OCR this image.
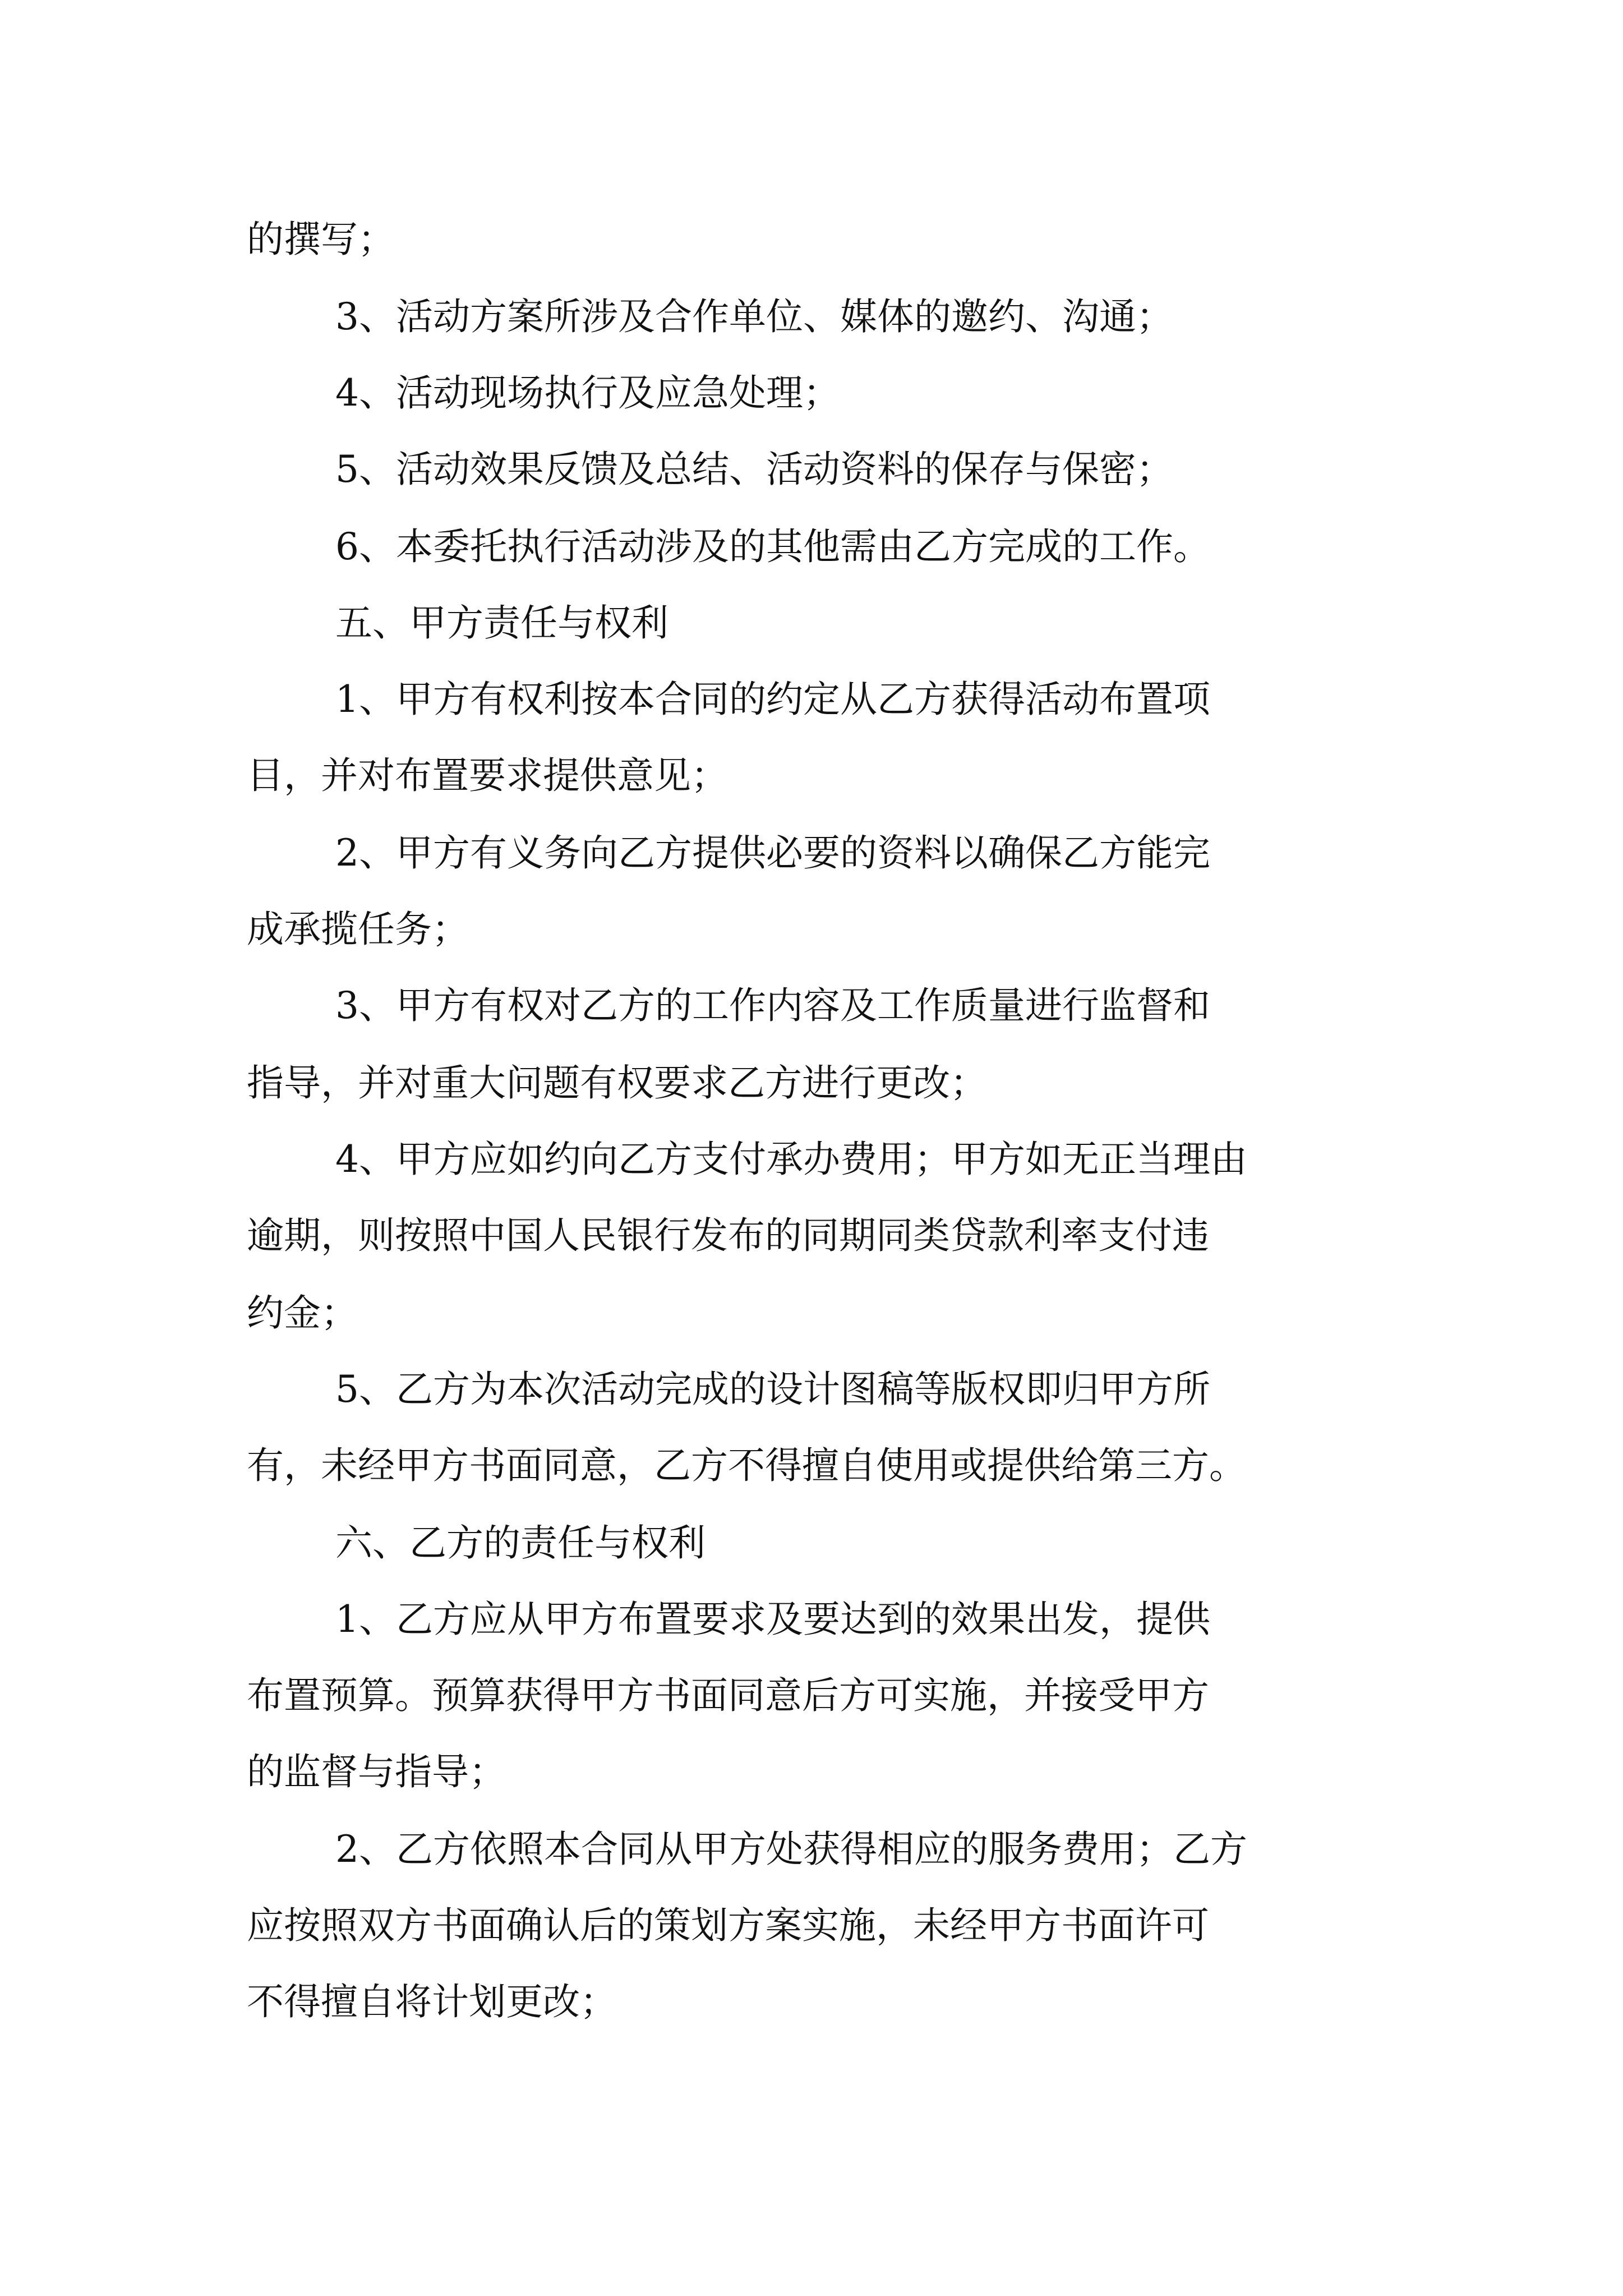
的撰写；
3、活动方案所涉及合作单位、媒体的邀约、沟通；
4、活动现场执行及应急处理；
5、活动效果反馈及总结、活动资料的保存与保密；
6、本委托执行活动涉及的其他需由乙方完成的工作。
五、甲方责任与权利
1、甲方有权利按本合同的约定从乙方获得活动布置项
目，并对布置要求提供意见；
2、甲方有义务向乙方提供必要的资料以确保乙方能完
成承揽任务；
3、甲方有权对乙方的工作内容及工作质量进行监督和
指导，并对重大问题有权要求乙方进行更改；
4、甲方应如约向乙方支付承办费用；甲方如无正当理由
逾期，则按照中国人民银行发布的同期同类贷款利率支付违
约金；
5、乙方为本次活动完成的设计图稿等版权即归甲方所
有，未经甲方书面同意，乙方不得擅自使用或提供给第三方。
六、乙方的责任与权利
1、乙方应从甲方布置要求及要达到的效果出发，提供
布置预算。预算获得甲方书面同意后方可实施，并接受甲方
的监督与指导；
2、乙方依照本合同从甲方处获得相应的服务费用；乙方
应按照双方书面确认后的策划方案实施，未经甲方书面许可
不得擅自将计划更改；
